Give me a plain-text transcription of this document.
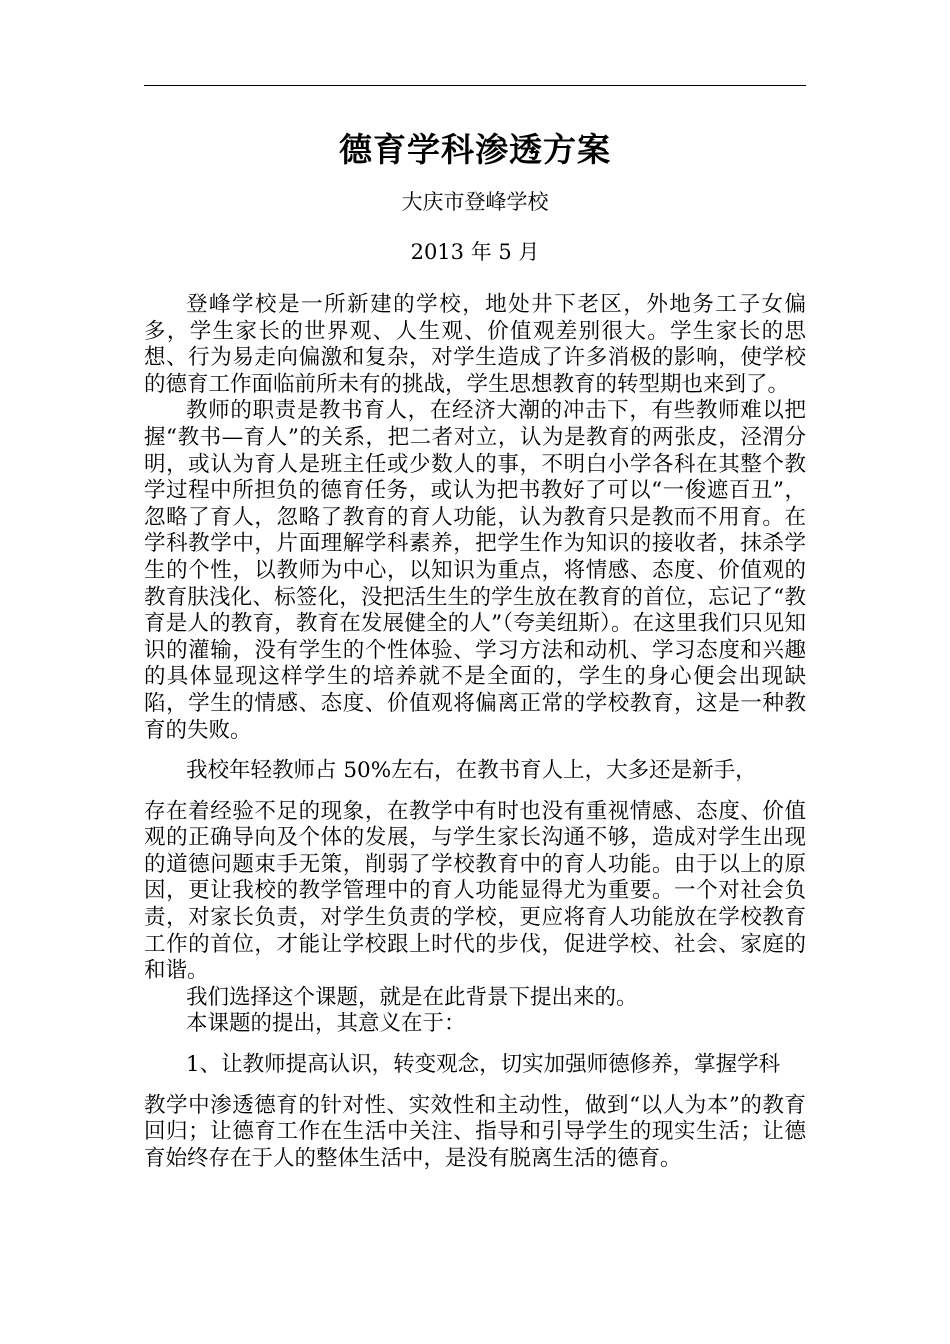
德育学科渗透方案
大庆市登峰学校
2013 年 5 月

登峰学校是一所新建的学校，地处井下老区，外地务工子女偏多，学生家长的世界观、人生观、价值观差别很大。学生家长的思想、行为易走向偏激和复杂，对学生造成了许多消极的影响，使学校的德育工作面临前所未有的挑战，学生思想教育的转型期也来到了。

教师的职责是教书育人，在经济大潮的冲击下，有些教师难以把握“教书—育人”的关系，把二者对立，认为是教育的两张皮，泾渭分明，或认为育人是班主任或少数人的事，不明白小学各科在其整个教学过程中所担负的德育任务，或认为把书教好了可以“一俊遮百丑”，忽略了育人，忽略了教育的育人功能，认为教育只是教而不用育。在学科教学中，片面理解学科素养，把学生作为知识的接收者，抹杀学生的个性，以教师为中心，以知识为重点，将情感、态度、价值观的教育肤浅化、标签化，没把活生生的学生放在教育的首位，忘记了“教育是人的教育，教育在发展健全的人”（夸美纽斯）。在这里我们只见知识的灌输，没有学生的个性体验、学习方法和动机、学习态度和兴趣的具体显现这样学生的培养就不是全面的，学生的身心便会出现缺陷，学生的情感、态度、价值观将偏离正常的学校教育，这是一种教育的失败。

我校年轻教师占 50%左右，在教书育人上，大多还是新手，

存在着经验不足的现象，在教学中有时也没有重视情感、态度、价值观的正确导向及个体的发展，与学生家长沟通不够，造成对学生出现的道德问题束手无策，削弱了学校教育中的育人功能。由于以上的原因，更让我校的教学管理中的育人功能显得尤为重要。一个对社会负责，对家长负责，对学生负责的学校，更应将育人功能放在学校教育工作的首位，才能让学校跟上时代的步伐，促进学校、社会、家庭的和谐。

我们选择这个课题，就是在此背景下提出来的。

本课题的提出，其意义在于：

1、让教师提高认识，转变观念，切实加强师德修养，掌握学科

教学中渗透德育的针对性、实效性和主动性，做到“以人为本”的教育回归；让德育工作在生活中关注、指导和引导学生的现实生活；让德育始终存在于人的整体生活中，是没有脱离生活的德育。
